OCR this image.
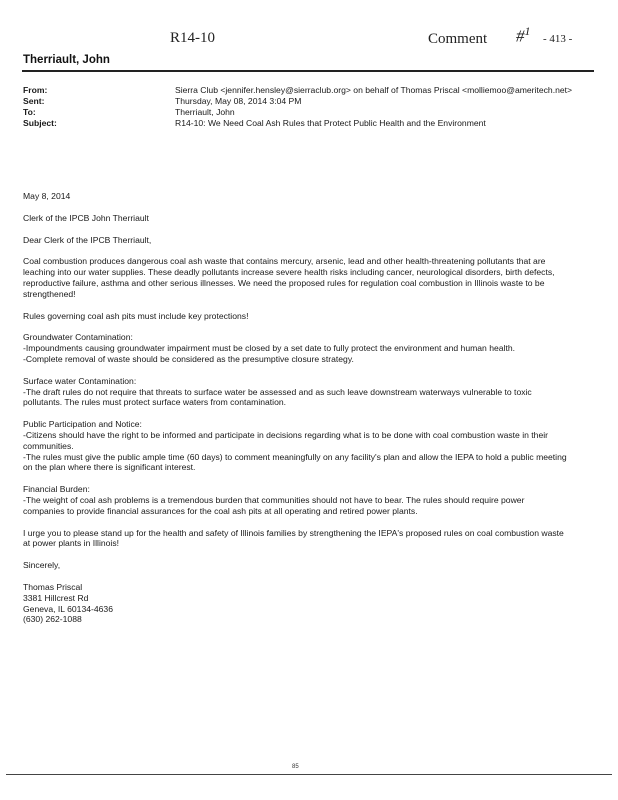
R14-10	Comment #$^1$
- 413 -
Therriault, John
From:	Sierra Club <jennifer.hensley@sierraclub.org> on behalf of Thomas Priscal <molliemoo@ameritech.net>
Sent:	Thursday, May 08, 2014 3:04 PM
To:	Therriault, John
Subject:	R14-10: We Need Coal Ash Rules that Protect Public Health and the Environment

May 8, 2014

Clerk of the IPCB John Therriault

Dear Clerk of the IPCB Therriault,

Coal combustion produces dangerous coal ash waste that contains mercury, arsenic, lead and other health-threatening pollutants that are leaching into our water supplies. These deadly pollutants increase severe health risks including cancer, neurological disorders, birth defects, reproductive failure, asthma and other serious illnesses. We need the proposed rules for regulation coal combustion in Illinois waste to be strengthened!

Rules governing coal ash pits must include key protections!

Groundwater Contamination:

-Impoundments causing groundwater impairment must be closed by a set date to fully protect the environment and human health.
-Complete removal of waste should be considered as the presumptive closure strategy.

Surface water Contamination:

-The draft rules do not require that threats to surface water be assessed and as such leave downstream waterways vulnerable to toxic pollutants. The rules must protect surface waters from contamination.

Public Participation and Notice:

-Citizens should have the right to be informed and participate in decisions regarding what is to be done with coal combustion waste in their communities.
-The rules must give the public ample time (60 days) to comment meaningfully on any facility's plan and allow the IEPA to hold a public meeting on the plan where there is significant interest.

Financial Burden:

-The weight of coal ash problems is a tremendous burden that communities should not have to bear. The rules should require power companies to provide financial assurances for the coal ash pits at all operating and retired power plants.

I urge you to please stand up for the health and safety of Illinois families by strengthening the IEPA's proposed rules on coal combustion waste at power plants in Illinois!

Sincerely,

Thomas Priscal

3381 Hillcrest Rd

Geneva, IL 60134-4636

(630) 262-1088

85
